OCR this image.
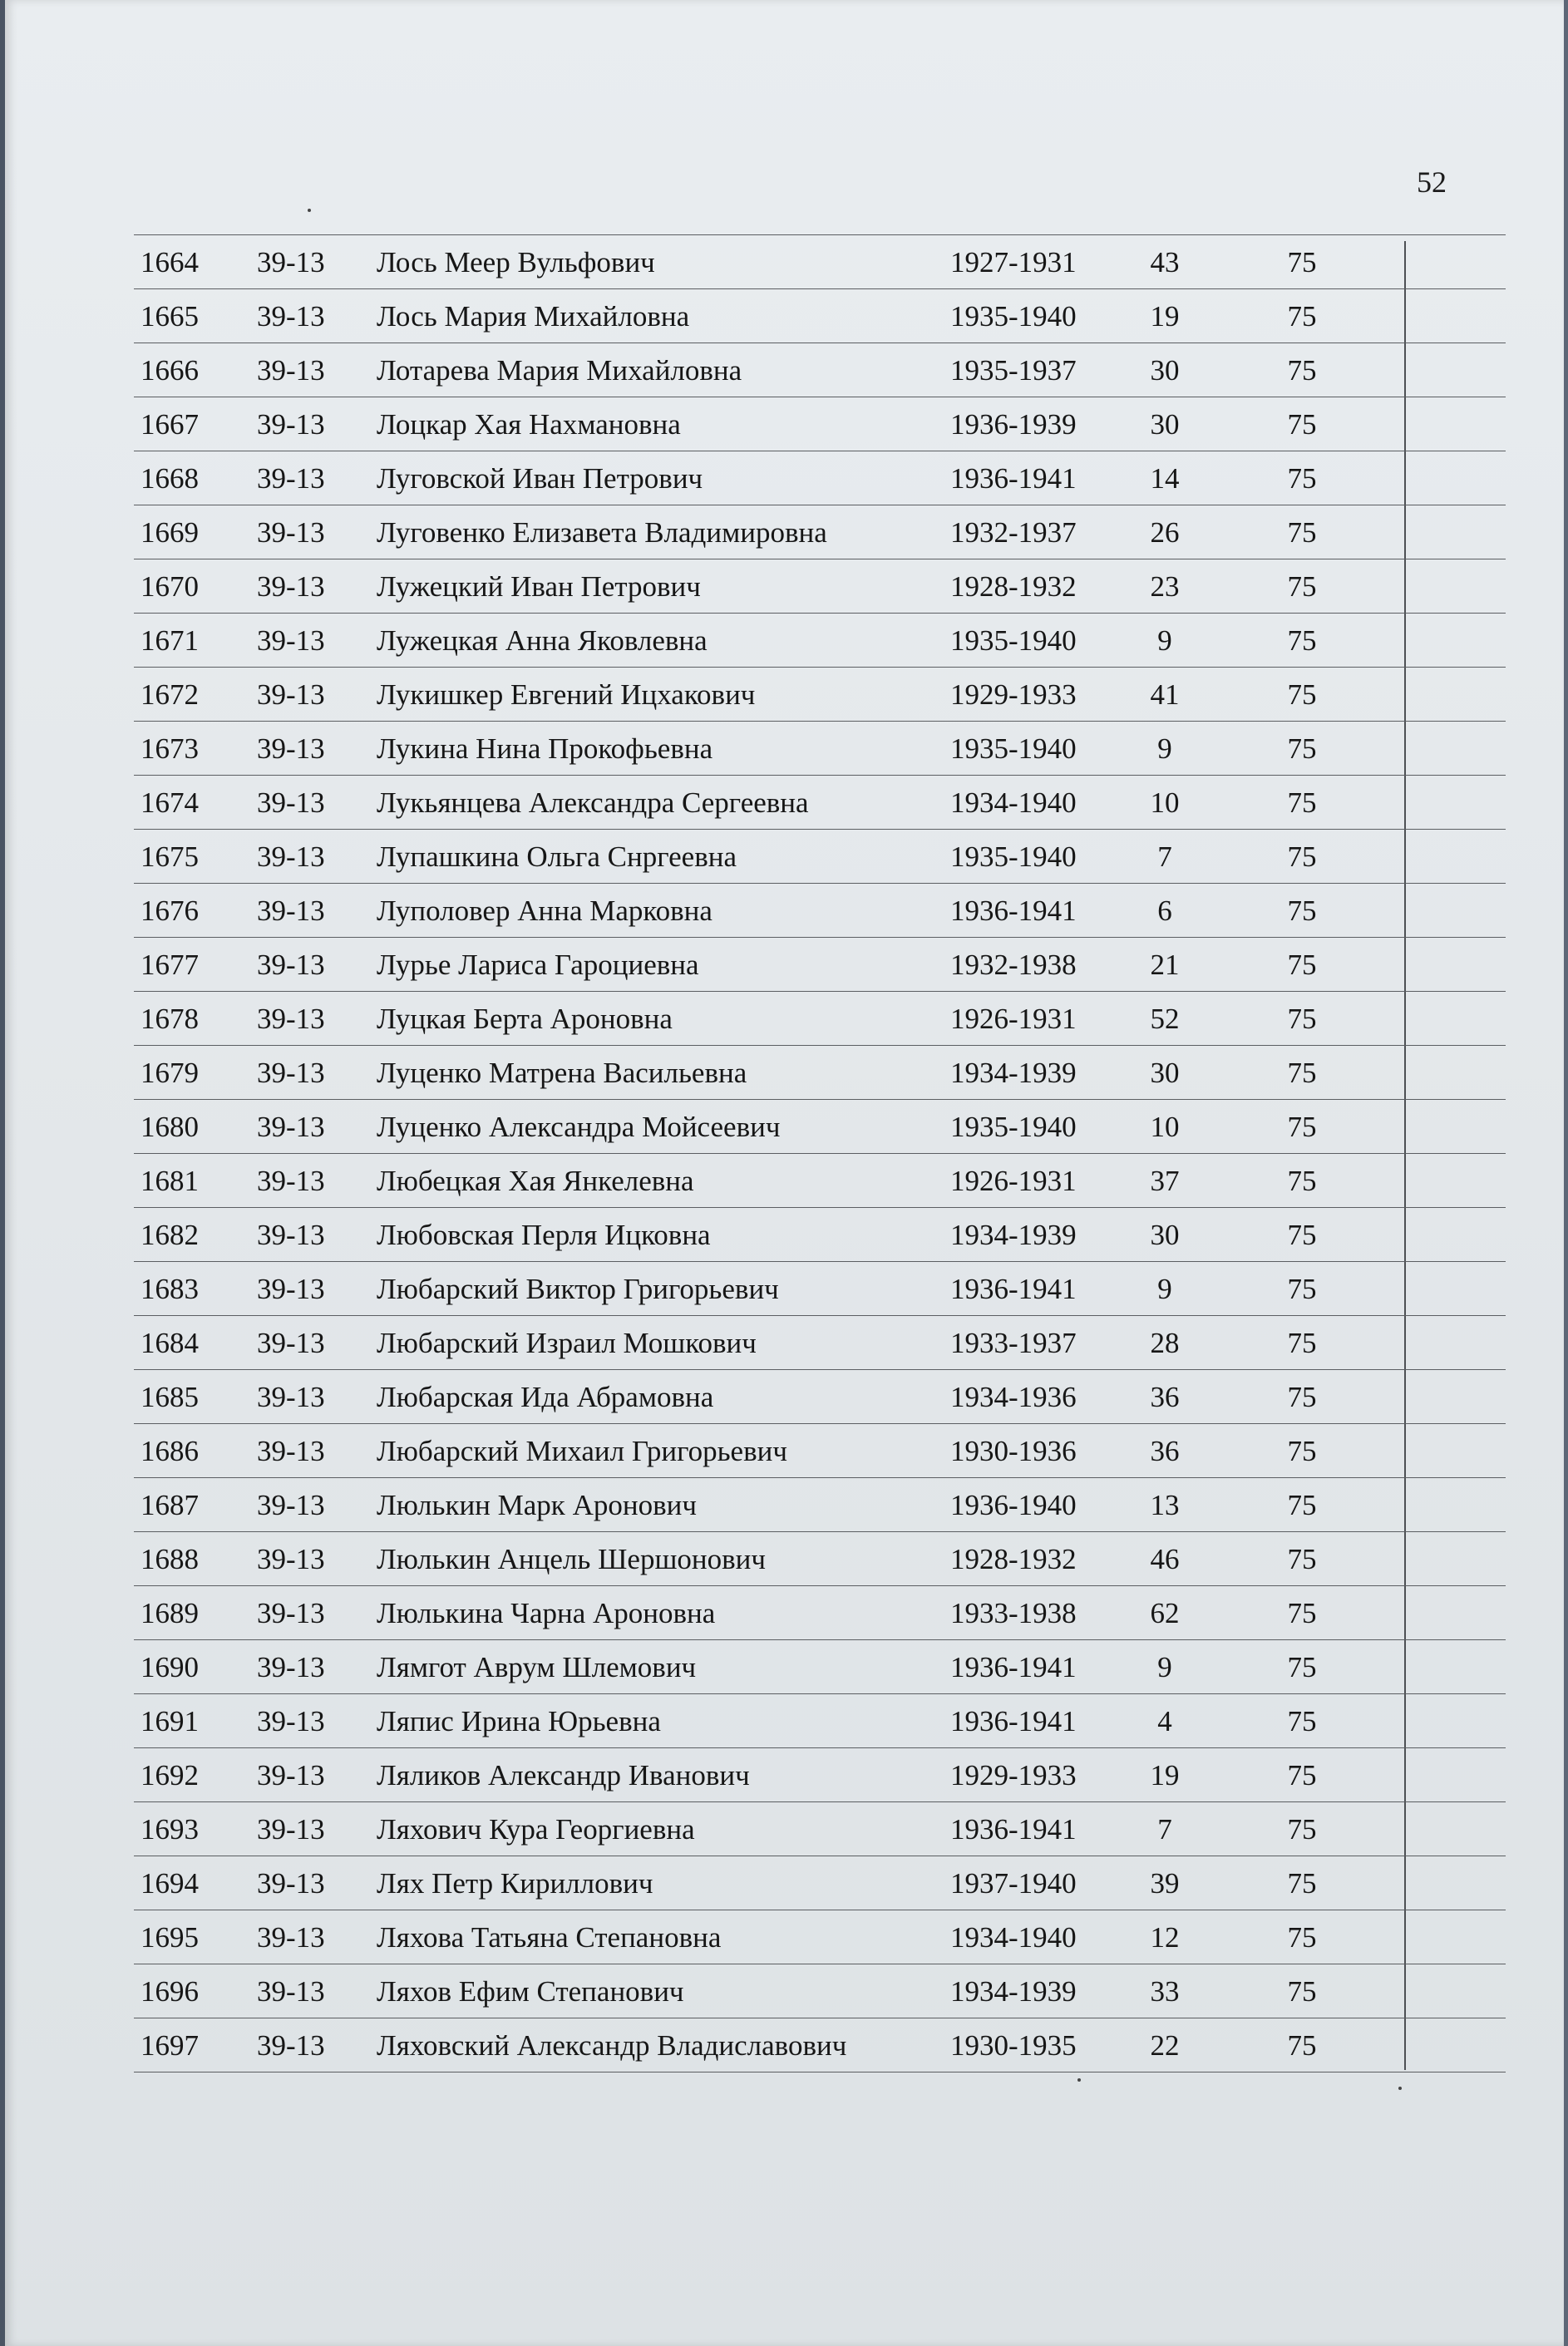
52
1664 39-13 Лось Меер Вульфович	1927-1931	43	75
1665 39-13 Лось Мария Михайловна	1935-1940	19	75
1666 39-13 Лотарева Мария Михайловна	1935-1937	30	75
1667 39-13 Лоцкар Хая Нахмановна	1936-1939	30	75
1668 39-13 Луговской Иван Петрович	1936-1941	14	75
1669 39-13 Луговенко Елизавета Владимировна	1932-1937	26	75
1670 39-13 Лужецкий Иван Петрович	1928-1932	23	75
1671 39-13 Лужецкая Анна Яковлевна	1935-1940	9	75
1672 39-13 Лукишкер Евгений Ицхакович	1929-1933	41	75
1673 39-13 Лукина Нина Прокофьевна	1935-1940	9	75
1674 39-13 Лукьянцева Александра Сергеевна	1934-1940	10	75
1675 39-13 Лупашкина Ольга Снргеевна	1935-1940	7	75
1676 39-13 Луполовер Анна Марковна	1936-1941	6	75
1677 39-13 Лурье Лариса Гароциевна	1932-1938	21	75
1678 39-13 Луцкая Берта Ароновна	1926-1931	52	75
1679 39-13 Луценко Матрена Васильевна	1934-1939	30	75
1680 39-13 Луценко Александра Мойсеевич	1935-1940	10	75
1681 39-13 Любецкая Хая Янкелевна	1926-1931	37	75
1682 39-13 Любовская Перля Ицковна	1934-1939	30	75
1683 39-13 Любарский Виктор Григорьевич	1936-1941	9	75
1684 39-13 Любарский Израил Мошкович	1933-1937	28	75
1685 39-13 Любарская Ида Абрамовна	1934-1936	36	75
1686 39-13 Любарский Михаил Григорьевич	1930-1936	36	75
1687 39-13 Люлькин Марк Аронович	1936-1940	13	75
1688 39-13 Люлькин Анцель Шершонович	1928-1932	46	75
1689 39-13 Люлькина Чарна Ароновна	1933-1938	62	75
1690 39-13 Лямгот Аврум Шлемович	1936-1941	9	75
1691 39-13 Ляпис Ирина Юрьевна	1936-1941	4	75
1692 39-13 Ляликов Александр Иванович	1929-1933	19	75
1693 39-13 Ляхович Кура Георгиевна	1936-1941	7	75
1694 39-13 Лях Петр Кириллович	1937-1940	39	75
1695 39-13 Ляхова Татьяна Степановна	1934-1940	12	75
1696 39-13 Ляхов Ефим Степанович	1934-1939	33	75
1697 39-13 Ляховский Александр Владиславович	1930-1935	22	75
